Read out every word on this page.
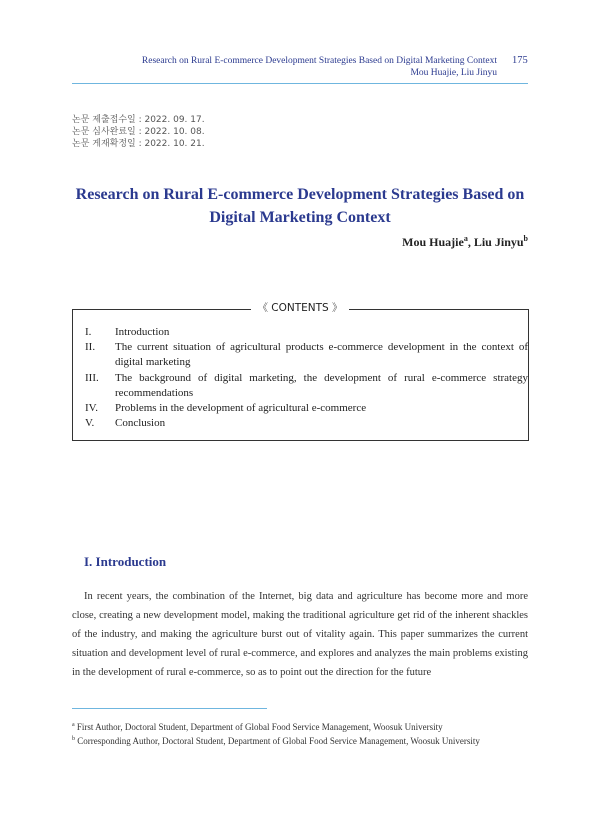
Research on Rural E-commerce Development Strategies Based on Digital Marketing Context
Mou Huajie, Liu Jinyu
175
논문 제출접수일 : 2022. 09. 17.
논문 심사완료일 : 2022. 10. 08.
논문 게재확정일 : 2022. 10. 21.
Research on Rural E-commerce Development Strategies Based on Digital Marketing Context
Mou Huajie$^a$, Liu Jinyu$^b$
《 CONTENTS 》
I.	Introduction
II.	The current situation of agricultural products e-commerce development in the context of digital marketing
III.	The background of digital marketing, the development of rural e-commerce strategy recommendations
IV.	Problems in the development of agricultural e-commerce
V.	Conclusion
I. Introduction
In recent years, the combination of the Internet, big data and agriculture has become more and more close, creating a new development model, making the traditional agriculture get rid of the inherent shackles of the industry, and making the agriculture burst out of vitality again. This paper summarizes the current situation and development level of rural e-commerce, and explores and analyzes the main problems existing in the development of rural e-commerce, so as to point out the direction for the future
$^a$ First Author, Doctoral Student, Department of Global Food Service Management, Woosuk University
$^b$ Corresponding Author, Doctoral Student, Department of Global Food Service Management, Woosuk University
